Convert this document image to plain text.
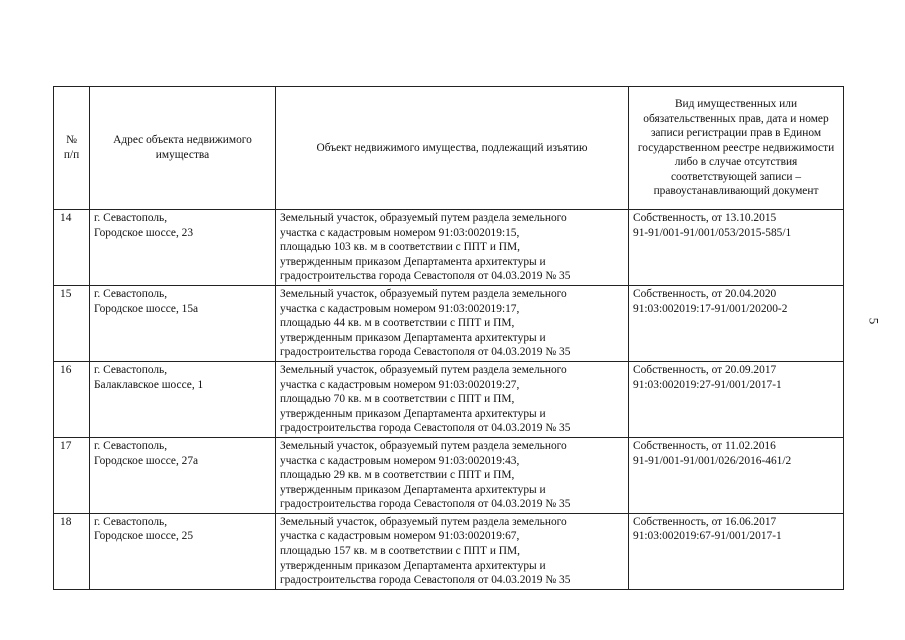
№
п/п	Адрес объекта недвижимого имущества	Объект недвижимого имущества, подлежащий изъятию	Вид имущественных или обязательственных прав, дата и номер записи регистрации прав в Едином государственном реестре недвижимости либо в случае отсутствия соответствующей записи – правоустанавливающий документ
14	г. Севастополь,
Городское шоссе, 23	Земельный участок, образуемый путем раздела земельного
участка с кадастровым номером 91:03:002019:15,
площадью 103 кв. м в соответствии с ППТ и ПМ,
утвержденным приказом Департамента архитектуры и
градостроительства города Севастополя от 04.03.2019 № 35	Собственность, от 13.10.2015
91-91/001-91/001/053/2015-585/1
15	г. Севастополь,
Городское шоссе, 15а	Земельный участок, образуемый путем раздела земельного
участка с кадастровым номером 91:03:002019:17,
площадью 44 кв. м в соответствии с ППТ и ПМ,
утвержденным приказом Департамента архитектуры и
градостроительства города Севастополя от 04.03.2019 № 35	Собственность, от 20.04.2020
91:03:002019:17-91/001/20200-2
16	г. Севастополь,
Балаклавское шоссе, 1	Земельный участок, образуемый путем раздела земельного
участка с кадастровым номером 91:03:002019:27,
площадью 70 кв. м в соответствии с ППТ и ПМ,
утвержденным приказом Департамента архитектуры и
градостроительства города Севастополя от 04.03.2019 № 35	Собственность, от 20.09.2017
91:03:002019:27-91/001/2017-1
17	г. Севастополь,
Городское шоссе, 27а	Земельный участок, образуемый путем раздела земельного
участка с кадастровым номером 91:03:002019:43,
площадью 29 кв. м в соответствии с ППТ и ПМ,
утвержденным приказом Департамента архитектуры и
градостроительства города Севастополя от 04.03.2019 № 35	Собственность, от 11.02.2016
91-91/001-91/001/026/2016-461/2
18	г. Севастополь,
Городское шоссе, 25	Земельный участок, образуемый путем раздела земельного
участка с кадастровым номером 91:03:002019:67,
площадью 157 кв. м в соответствии с ППТ и ПМ,
утвержденным приказом Департамента архитектуры и
градостроительства города Севастополя от 04.03.2019 № 35	Собственность, от 16.06.2017
91:03:002019:67-91/001/2017-1
5
